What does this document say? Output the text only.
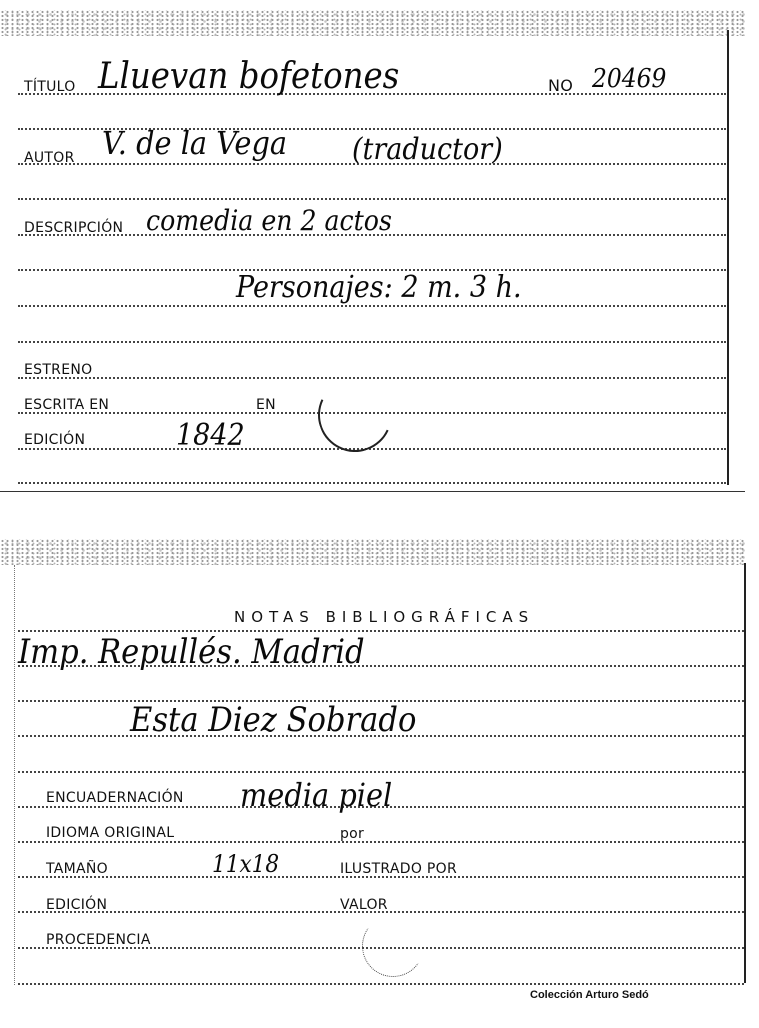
TÍTULO Lluevan bofetones	NO 20469
AUTOR V. de la Vega (traductor)
DESCRIPCIÓN comedia en 2 actos
Personajes: 2 m. 3 h.
ESTRENO
ESCRITA EN	EN
EDICIÓN	1842
NOTAS BIBLIOGRÁFICAS
Imp. Repullés. Madrid
Esta Diez Sobrado
ENCUADERNACIÓN media piel
IDIOMA ORIGINAL	por
TAMAÑO	11x18	ILUSTRADO POR
EDICIÓN	VALOR
PROCEDENCIA
Colección Arturo Sedó
